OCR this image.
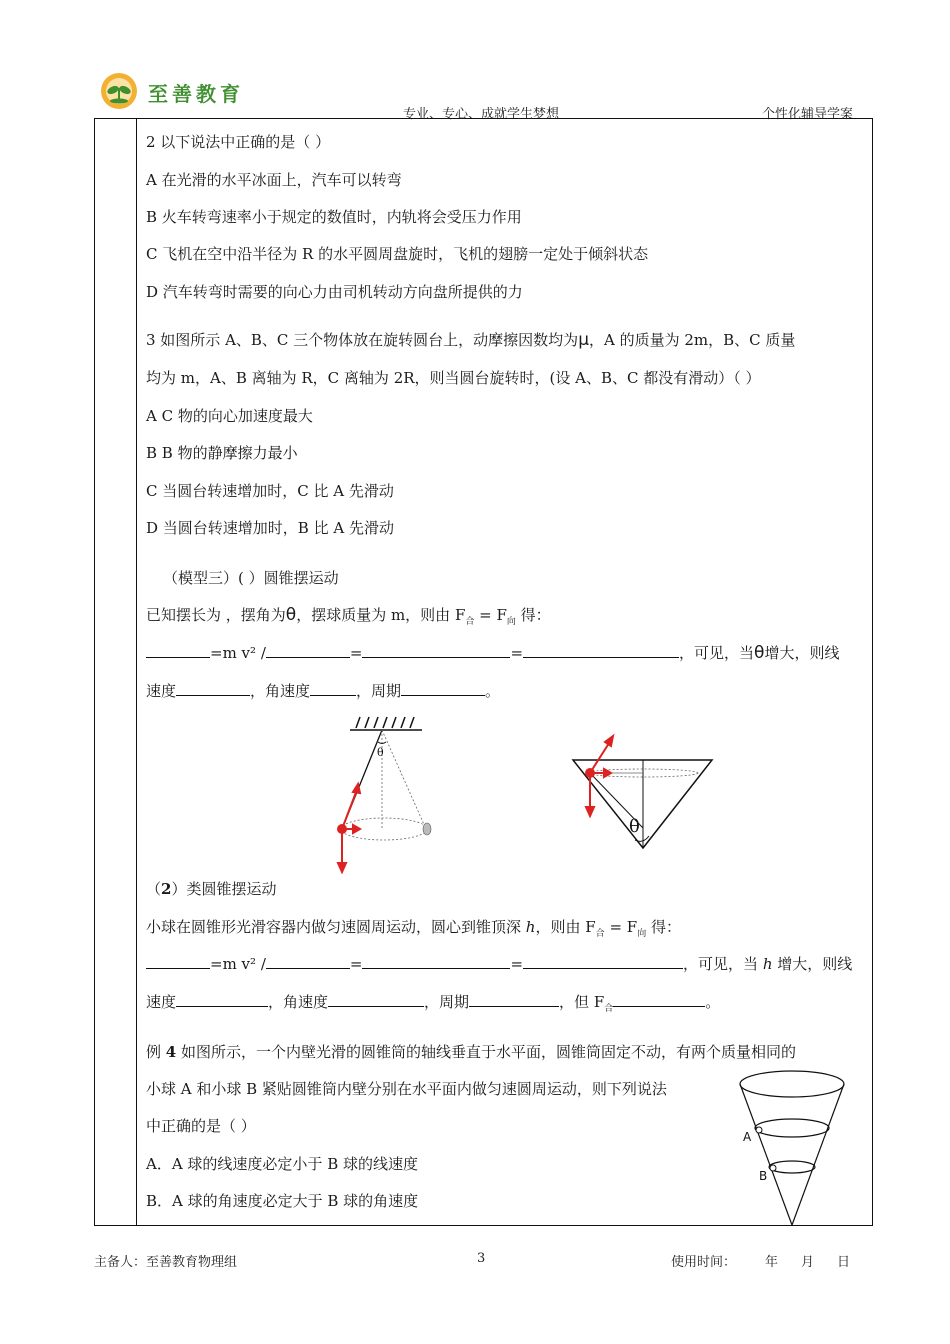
至善教育
专业、专心、成就学生梦想	个性化辅导学案
2 以下说法中正确的是（ ）
A 在光滑的水平冰面上，汽车可以转弯
B 火车转弯速率小于规定的数值时，内轨将会受压力作用
C 飞机在空中沿半径为 R 的水平圆周盘旋时，飞机的翅膀一定处于倾斜状态
D 汽车转弯时需要的向心力由司机转动方向盘所提供的力
3 如图所示 A、B、C 三个物体放在旋转圆台上，动摩擦因数均为μ，A 的质量为 2m，B、C 质量
均为 m，A、B 离轴为 R，C 离轴为 2R，则当圆台旋转时，(设 A、B、C 都没有滑动）（ ）
A C 物的向心加速度最大
B B 物的静摩擦力最小
C 当圆台转速增加时，C 比 A 先滑动
D 当圆台转速增加时，B 比 A 先滑动
（模型三）( ）圆锥摆运动
已知摆长为 ，摆角为θ，摆球质量为 m，则由 $F_合 = F_向$ 得：
=m v² /	=	=	，可见，当θ增大，则线
速度	，角速度	，周期	。
θ
θ
（2）类圆锥摆运动
小球在圆锥形光滑容器内做匀速圆周运动，圆心到锥顶深 h，则由 $F_合 = F_向$ 得：
=m v² /	=	=	，可见，当 h 增大，则线
速度	，角速度	，周期	，但 $F_合$	。
例 4 如图所示，一个内壁光滑的圆锥筒的轴线垂直于水平面，圆锥筒固定不动，有两个质量相同的
小球 A 和小球 B 紧贴圆锥筒内壁分别在水平面内做匀速圆周运动，则下列说法
中正确的是（ ）
A．A 球的线速度必定小于 B 球的线速度
B．A 球的角速度必定大于 B 球的角速度
A
B
主备人：至善教育物理组	3	使用时间： 年 月 日
